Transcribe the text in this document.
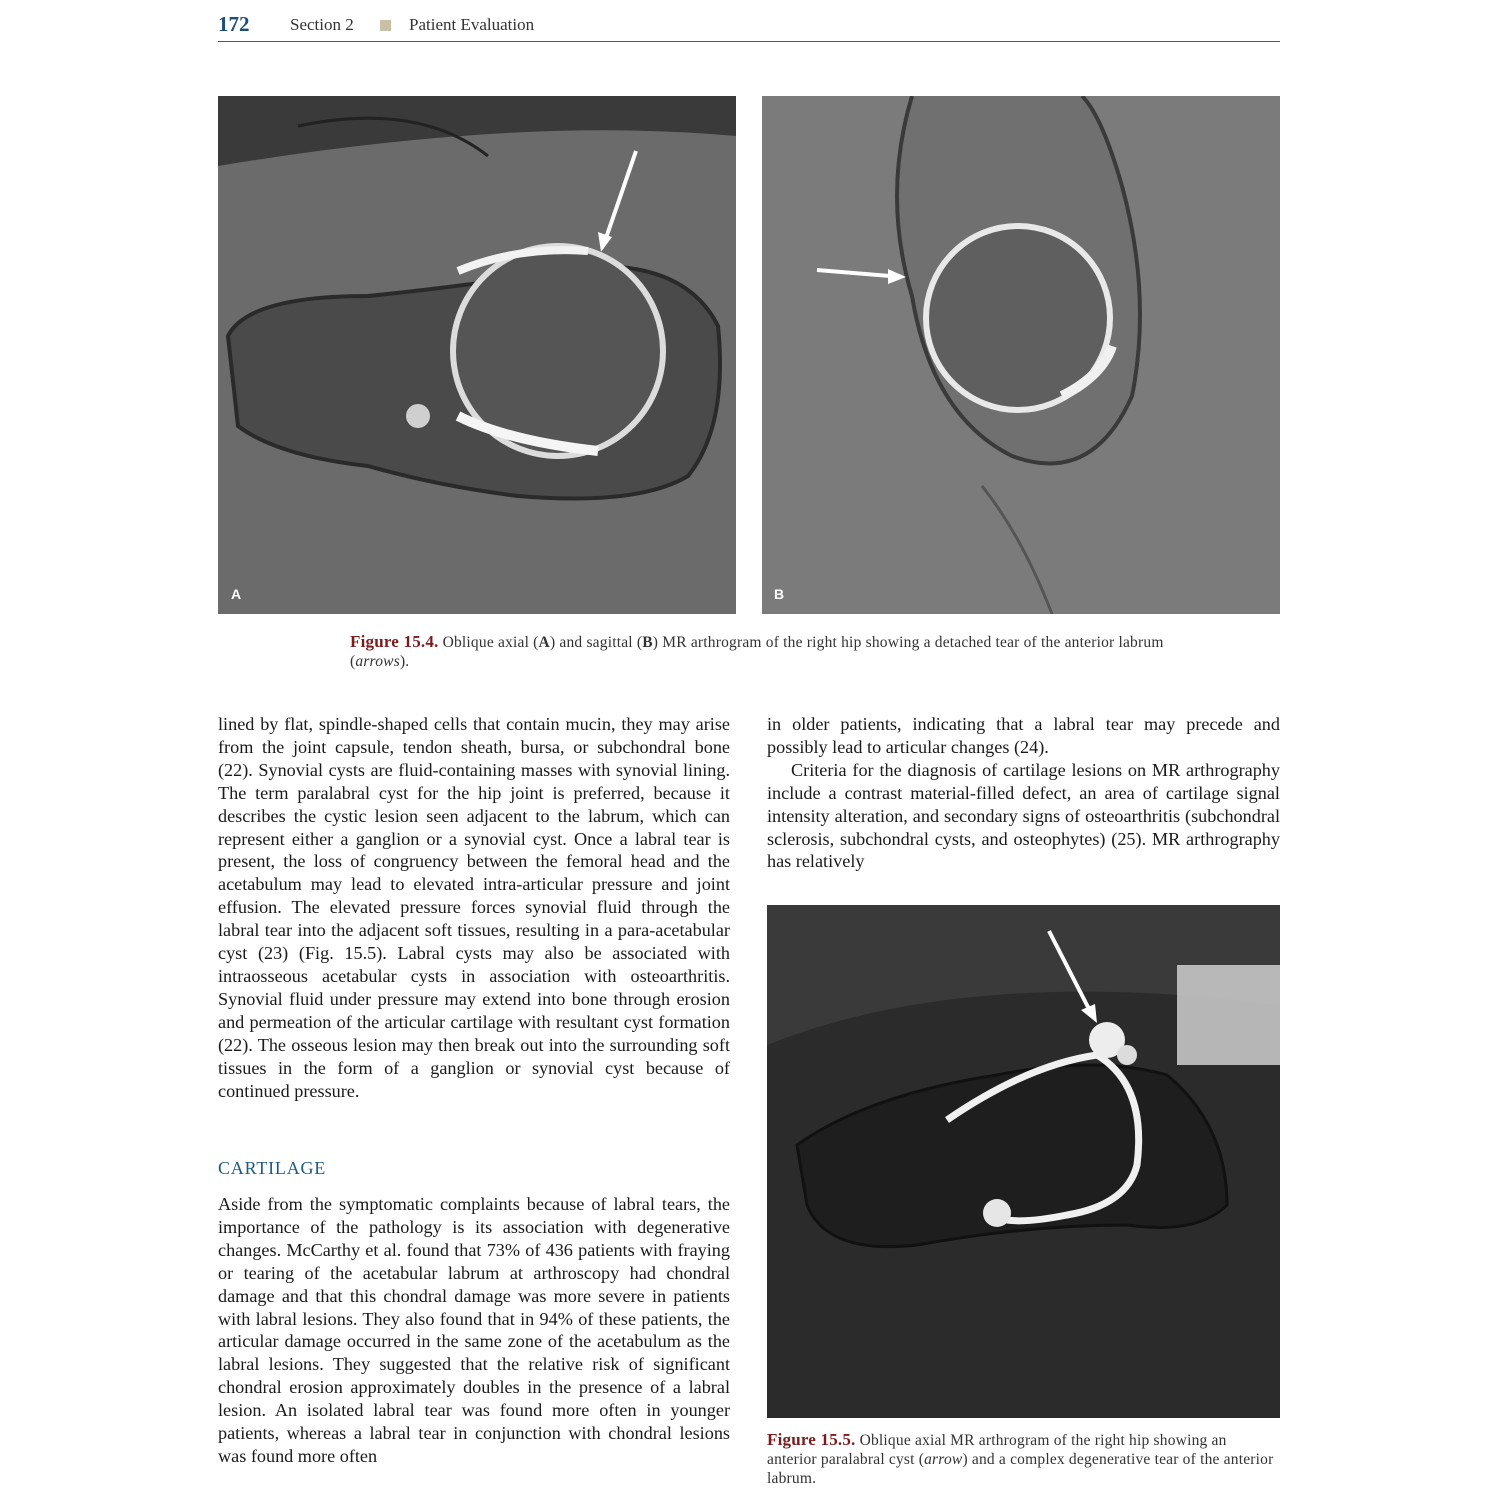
172 Section 2	Patient Evaluation
A	B
Figure 15.4. Oblique axial (A) and sagittal (B) MR arthrogram of the right hip showing a detached tear of the anterior labrum (arrows).

lined by flat, spindle-shaped cells that contain mucin, they may arise from the joint capsule, tendon sheath, bursa, or subchondral bone (22). Synovial cysts are fluid-containing masses with synovial lining. The term paralabral cyst for the hip joint is preferred, because it describes the cystic lesion seen adjacent to the labrum, which can represent either a ganglion or a synovial cyst. Once a labral tear is present, the loss of congruency between the femoral head and the acetabulum may lead to elevated intra-articular pressure and joint effusion. The elevated pressure forces synovial fluid through the labral tear into the adjacent soft tissues, resulting in a para-acetabular cyst (23) (Fig. 15.5). Labral cysts may also be associated with intraosseous acetabular cysts in association with osteoarthritis. Synovial fluid under pressure may extend into bone through erosion and permeation of the articular cartilage with resultant cyst formation (22). The osseous lesion may then break out into the surrounding soft tissues in the form of a ganglion or synovial cyst because of continued pressure.

CARTILAGE

Aside from the symptomatic complaints because of labral tears, the importance of the pathology is its association with degenerative changes. McCarthy et al. found that 73% of 436 patients with fraying or tearing of the acetabular labrum at arthroscopy had chondral damage and that this chondral damage was more severe in patients with labral lesions. They also found that in 94% of these patients, the articular damage occurred in the same zone of the acetabulum as the labral lesions. They suggested that the relative risk of significant chondral erosion approximately doubles in the presence of a labral lesion. An isolated labral tear was found more often in younger patients, whereas a labral tear in conjunction with chondral lesions was found more often

in older patients, indicating that a labral tear may precede and possibly lead to articular changes (24).

Criteria for the diagnosis of cartilage lesions on MR arthrography include a contrast material-filled defect, an area of cartilage signal intensity alteration, and secondary signs of osteoarthritis (subchondral sclerosis, subchondral cysts, and osteophytes) (25). MR arthrography has relatively

Figure 15.5. Oblique axial MR arthrogram of the right hip showing an anterior paralabral cyst (arrow) and a complex degenerative tear of the anterior labrum.
